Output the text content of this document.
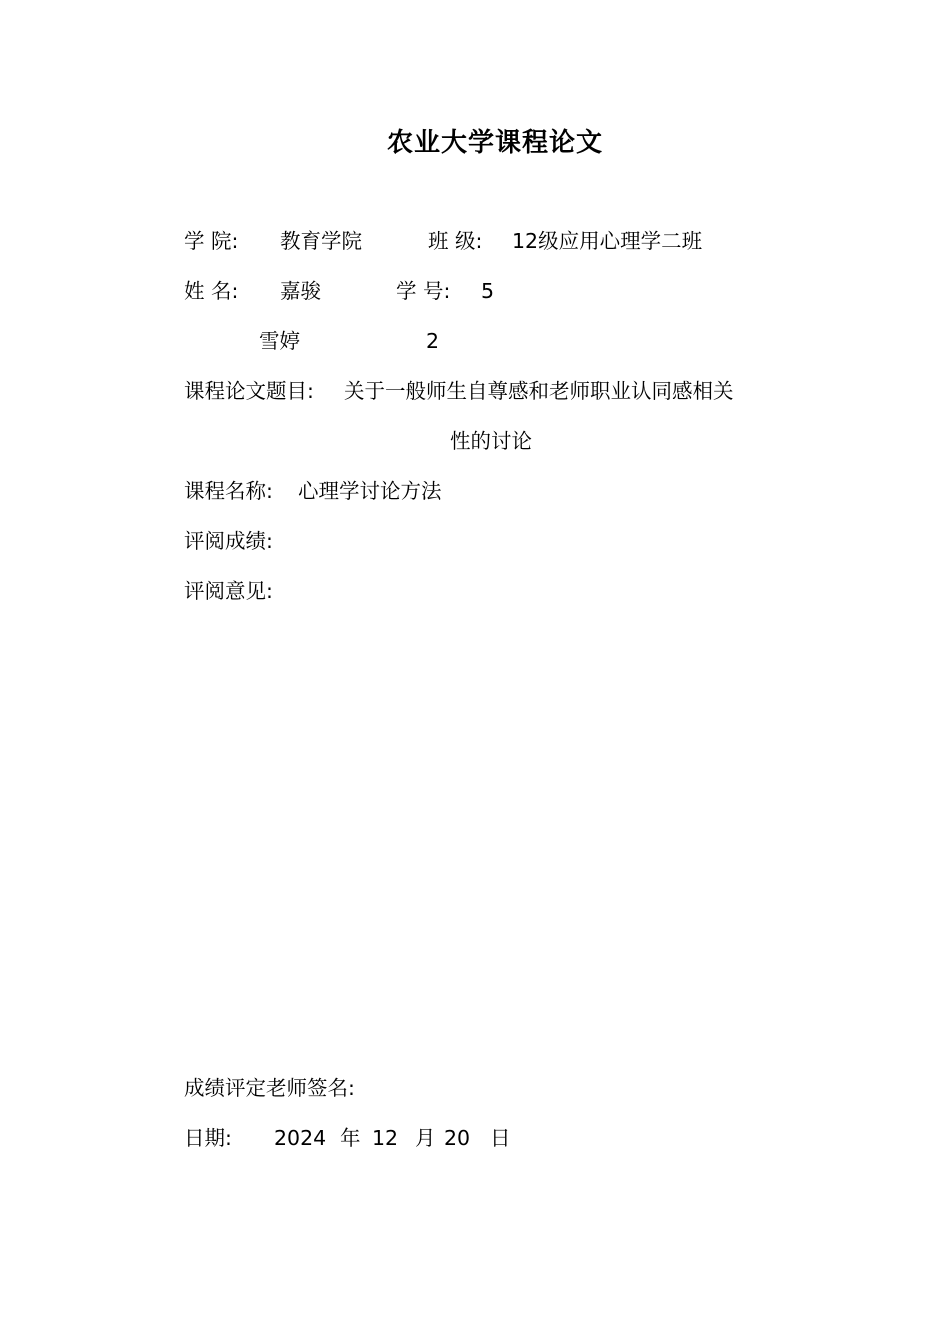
农业大学课程论文
学 院: 教育学院	班 级: 12级应用心理学二班
姓 名: 嘉骏	学 号: 5
雪婷	2
课程论文题目: 关于一般师生自尊感和老师职业认同感相关
性的讨论
课程名称: 心理学讨论方法
评阅成绩:
评阅意见:
成绩评定老师签名:
日期: 2024 年 12 月 20 日
